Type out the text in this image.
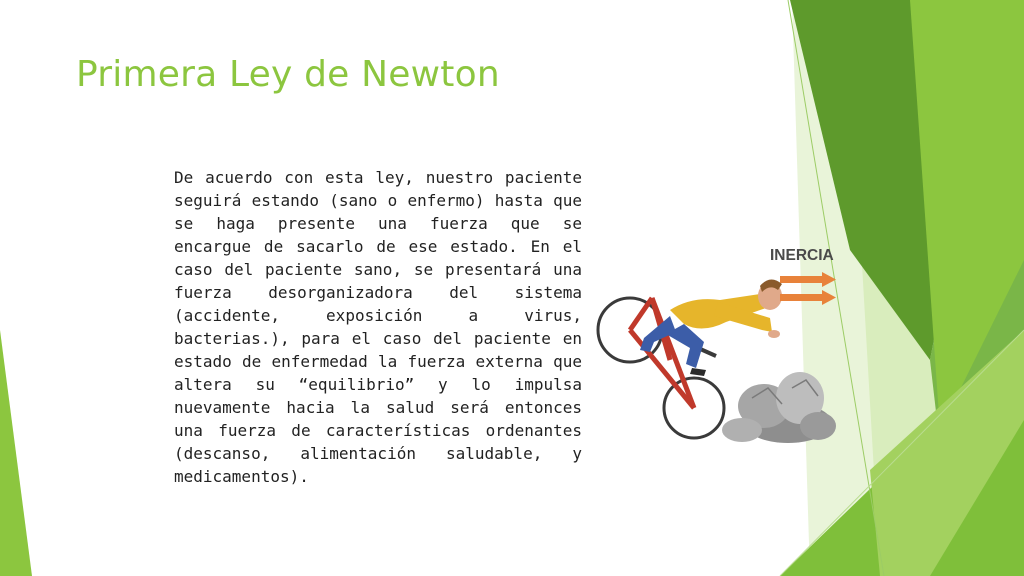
Primera Ley de Newton

De acuerdo con esta ley, nuestro paciente seguirá estando (sano o enfermo) hasta que se haga presente una fuerza que se encargue de sacarlo de ese estado. En el caso del paciente sano, se presentará una fuerza desorganizadora del sistema (accidente, exposición a virus, bacterias.), para el caso del paciente en estado de enfermedad la fuerza externa que altera su “equilibrio” y lo impulsa nuevamente hacia la salud será entonces una fuerza de características ordenantes (descanso, alimentación saludable, y medicamentos).

INERCIA
